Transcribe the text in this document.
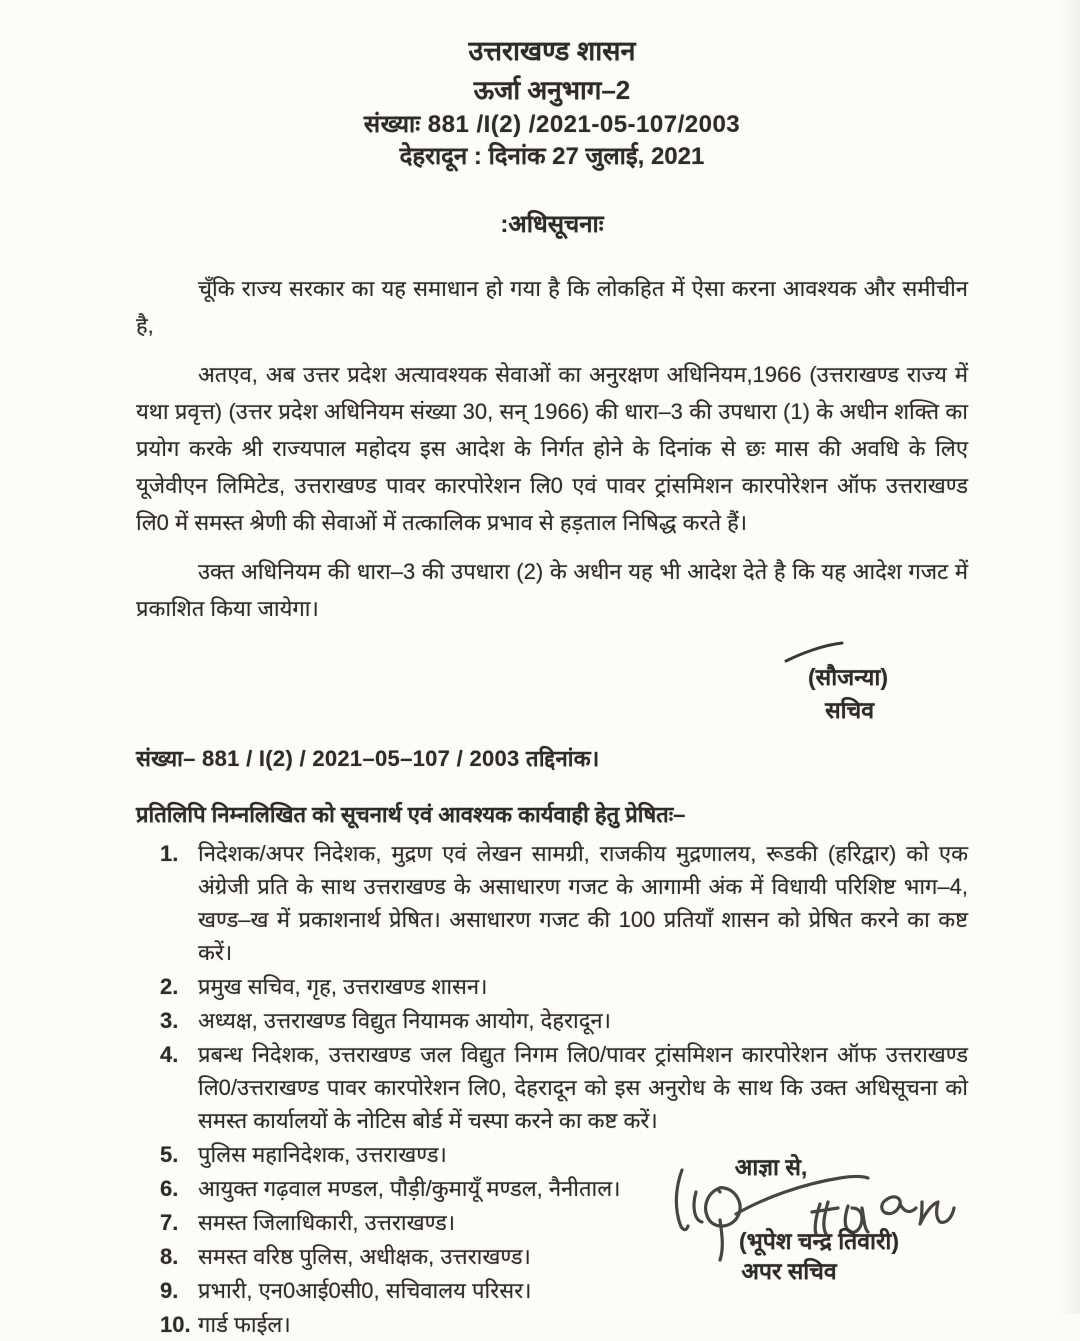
उत्तराखण्ड शासन
ऊर्जा अनुभाग–2
संख्याः 881 /I(2) /2021-05-107/2003
देहरादून : दिनांक 27 जुलाई, 2021
:अधिसूचनाः

चूँकि राज्य सरकार का यह समाधान हो गया है कि लोकहित में ऐसा करना आवश्यक और समीचीन है,

अतएव, अब उत्तर प्रदेश अत्यावश्यक सेवाओं का अनुरक्षण अधिनियम,1966 (उत्तराखण्ड राज्य में यथा प्रवृत्त) (उत्तर प्रदेश अधिनियम संख्या 30, सन् 1966) की धारा–3 की उपधारा (1) के अधीन शक्ति का प्रयोग करके श्री राज्यपाल महोदय इस आदेश के निर्गत होने के दिनांक से छः मास की अवधि के लिए यूजेवीएन लिमिटेड, उत्तराखण्ड पावर कारपोरेशन लि0 एवं पावर ट्रांसमिशन कारपोरेशन ऑफ उत्तराखण्ड लि0 में समस्त श्रेणी की सेवाओं में तत्कालिक प्रभाव से हड़ताल निषिद्ध करते हैं।

उक्त अधिनियम की धारा–3 की उपधारा (2) के अधीन यह भी आदेश देते है कि यह आदेश गजट में प्रकाशित किया जायेगा।

(सौजन्या)
सचिव
संख्या– 881 / I(2) / 2021–05–107 / 2003 तद्दिनांक।
प्रतिलिपि निम्नलिखित को सूचनार्थ एवं आवश्यक कार्यवाही हेतु प्रेषितः–
1. निदेशक/अपर निदेशक, मुद्रण एवं लेखन सामग्री, राजकीय मुद्रणालय, रूडकी (हरिद्वार) को एक अंग्रेजी प्रति के साथ उत्तराखण्ड के असाधारण गजट के आगामी अंक में विधायी परिशिष्ट भाग–4, खण्ड–ख में प्रकाशनार्थ प्रेषित। असाधारण गजट की 100 प्रतियाँ शासन को प्रेषित करने का कष्ट करें।
2. प्रमुख सचिव, गृह, उत्तराखण्ड शासन।
3. अध्यक्ष, उत्तराखण्ड विद्युत नियामक आयोग, देहरादून।
4. प्रबन्ध निदेशक, उत्तराखण्ड जल विद्युत निगम लि0/पावर ट्रांसमिशन कारपोरेशन ऑफ उत्तराखण्ड लि0/उत्तराखण्ड पावर कारपोरेशन लि0, देहरादून को इस अनुरोध के साथ कि उक्त अधिसूचना को समस्त कार्यालयों के नोटिस बोर्ड में चस्पा करने का कष्ट करें।
5. पुलिस महानिदेशक, उत्तराखण्ड।
6. आयुक्त गढ़वाल मण्डल, पौड़ी/कुमायूँ मण्डल, नैनीताल।
7. समस्त जिलाधिकारी, उत्तराखण्ड।
8. समस्त वरिष्ठ पुलिस, अधीक्षक, उत्तराखण्ड।
9. प्रभारी, एन0आई0सी0, सचिवालय परिसर।
10. गार्ड फाईल।
आज्ञा से,
(भूपेश चन्द्र तिवारी)
अपर सचिव
